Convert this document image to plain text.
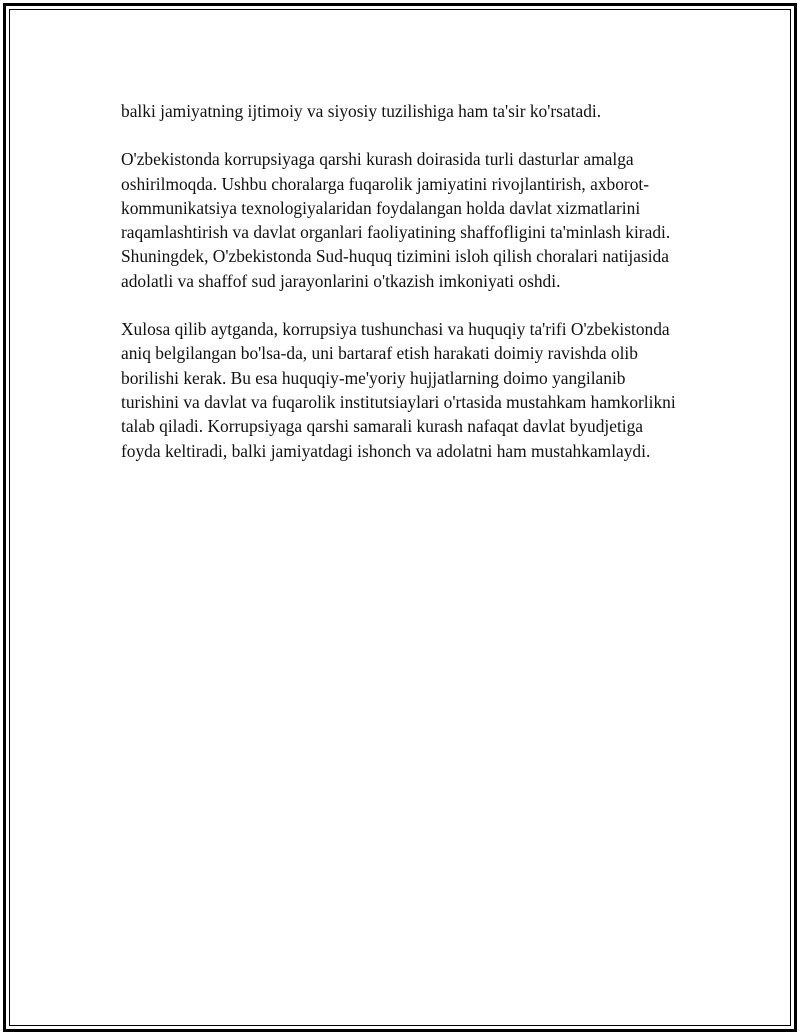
balki jamiyatning ijtimoiy va siyosiy tuzilishiga ham ta'sir ko'rsatadi.

O'zbekistonda korrupsiyaga qarshi kurash doirasida turli dasturlar amalga oshirilmoqda. Ushbu choralarga fuqarolik jamiyatini rivojlantirish, axborot-kommunikatsiya texnologiyalaridan foydalangan holda davlat xizmatlarini raqamlashtirish va davlat organlari faoliyatining shaffofligini ta'minlash kiradi. Shuningdek, O'zbekistonda Sud-huquq tizimini isloh qilish choralari natijasida adolatli va shaffof sud jarayonlarini o'tkazish imkoniyati oshdi.

Xulosa qilib aytganda, korrupsiya tushunchasi va huquqiy ta'rifi O'zbekistonda aniq belgilangan bo'lsa-da, uni bartaraf etish harakati doimiy ravishda olib borilishi kerak. Bu esa huquqiy-me'yoriy hujjatlarning doimo yangilanib turishini va davlat va fuqarolik institutsiaylari o'rtasida mustahkam hamkorlikni talab qiladi. Korrupsiyaga qarshi samarali kurash nafaqat davlat byudjetiga foyda keltiradi, balki jamiyatdagi ishonch va adolatni ham mustahkamlaydi.
